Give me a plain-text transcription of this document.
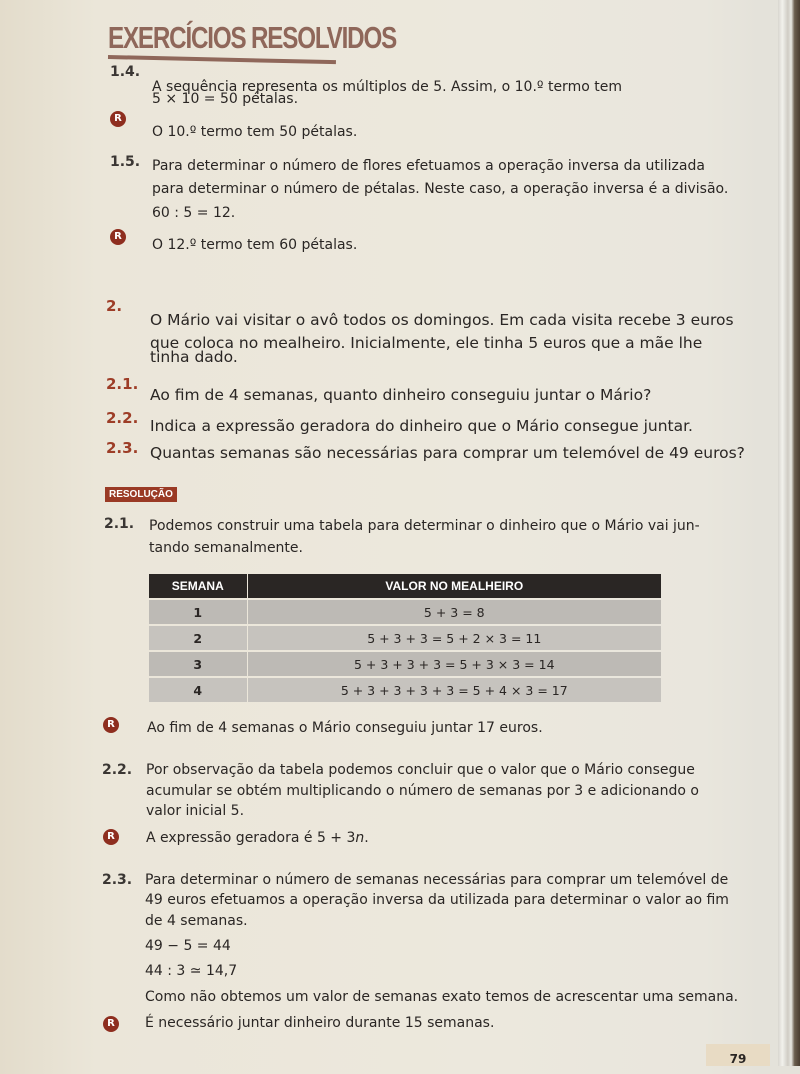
EXERCÍCIOS RESOLVIDOS
1.4.
A sequência representa os múltiplos de 5. Assim, o 10.º termo tem
5 × 10 = 50 pétalas.
R
O 10.º termo tem 50 pétalas.
1.5. Para determinar o número de flores efetuamos a operação inversa da utilizada
para determinar o número de pétalas. Neste caso, a operação inversa é a divisão.
60 : 5 = 12.
R
O 12.º termo tem 60 pétalas.
2.
O Mário vai visitar o avô todos os domingos. Em cada visita recebe 3 euros
que coloca no mealheiro. Inicialmente, ele tinha 5 euros que a mãe lhe
tinha dado.
2.1.
Ao fim de 4 semanas, quanto dinheiro conseguiu juntar o Mário?
2.2. Indica a expressão geradora do dinheiro que o Mário consegue juntar.
2.3. Quantas semanas são necessárias para comprar um telemóvel de 49 euros?
RESOLUÇÃO
2.1. Podemos construir uma tabela para determinar o dinheiro que o Mário vai jun-
tando semanalmente.
SEMANA	VALOR NO MEALHEIRO
1	5 + 3 = 8
2	5 + 3 + 3 = 5 + 2 × 3 = 11
3	5 + 3 + 3 + 3 = 5 + 3 × 3 = 14
4	5 + 3 + 3 + 3 + 3 = 5 + 4 × 3 = 17
R Ao fim de 4 semanas o Mário conseguiu juntar 17 euros.
2.2. Por observação da tabela podemos concluir que o valor que o Mário consegue
acumular se obtém multiplicando o número de semanas por 3 e adicionando o
valor inicial 5.
R A expressão geradora é 5 + 3n.
2.3. Para determinar o número de semanas necessárias para comprar um telemóvel de
49 euros efetuamos a operação inversa da utilizada para determinar o valor ao fim
de 4 semanas.
49 − 5 = 44
44 : 3 ≃ 14,7
Como não obtemos um valor de semanas exato temos de acrescentar uma semana.
R É necessário juntar dinheiro durante 15 semanas.
79
